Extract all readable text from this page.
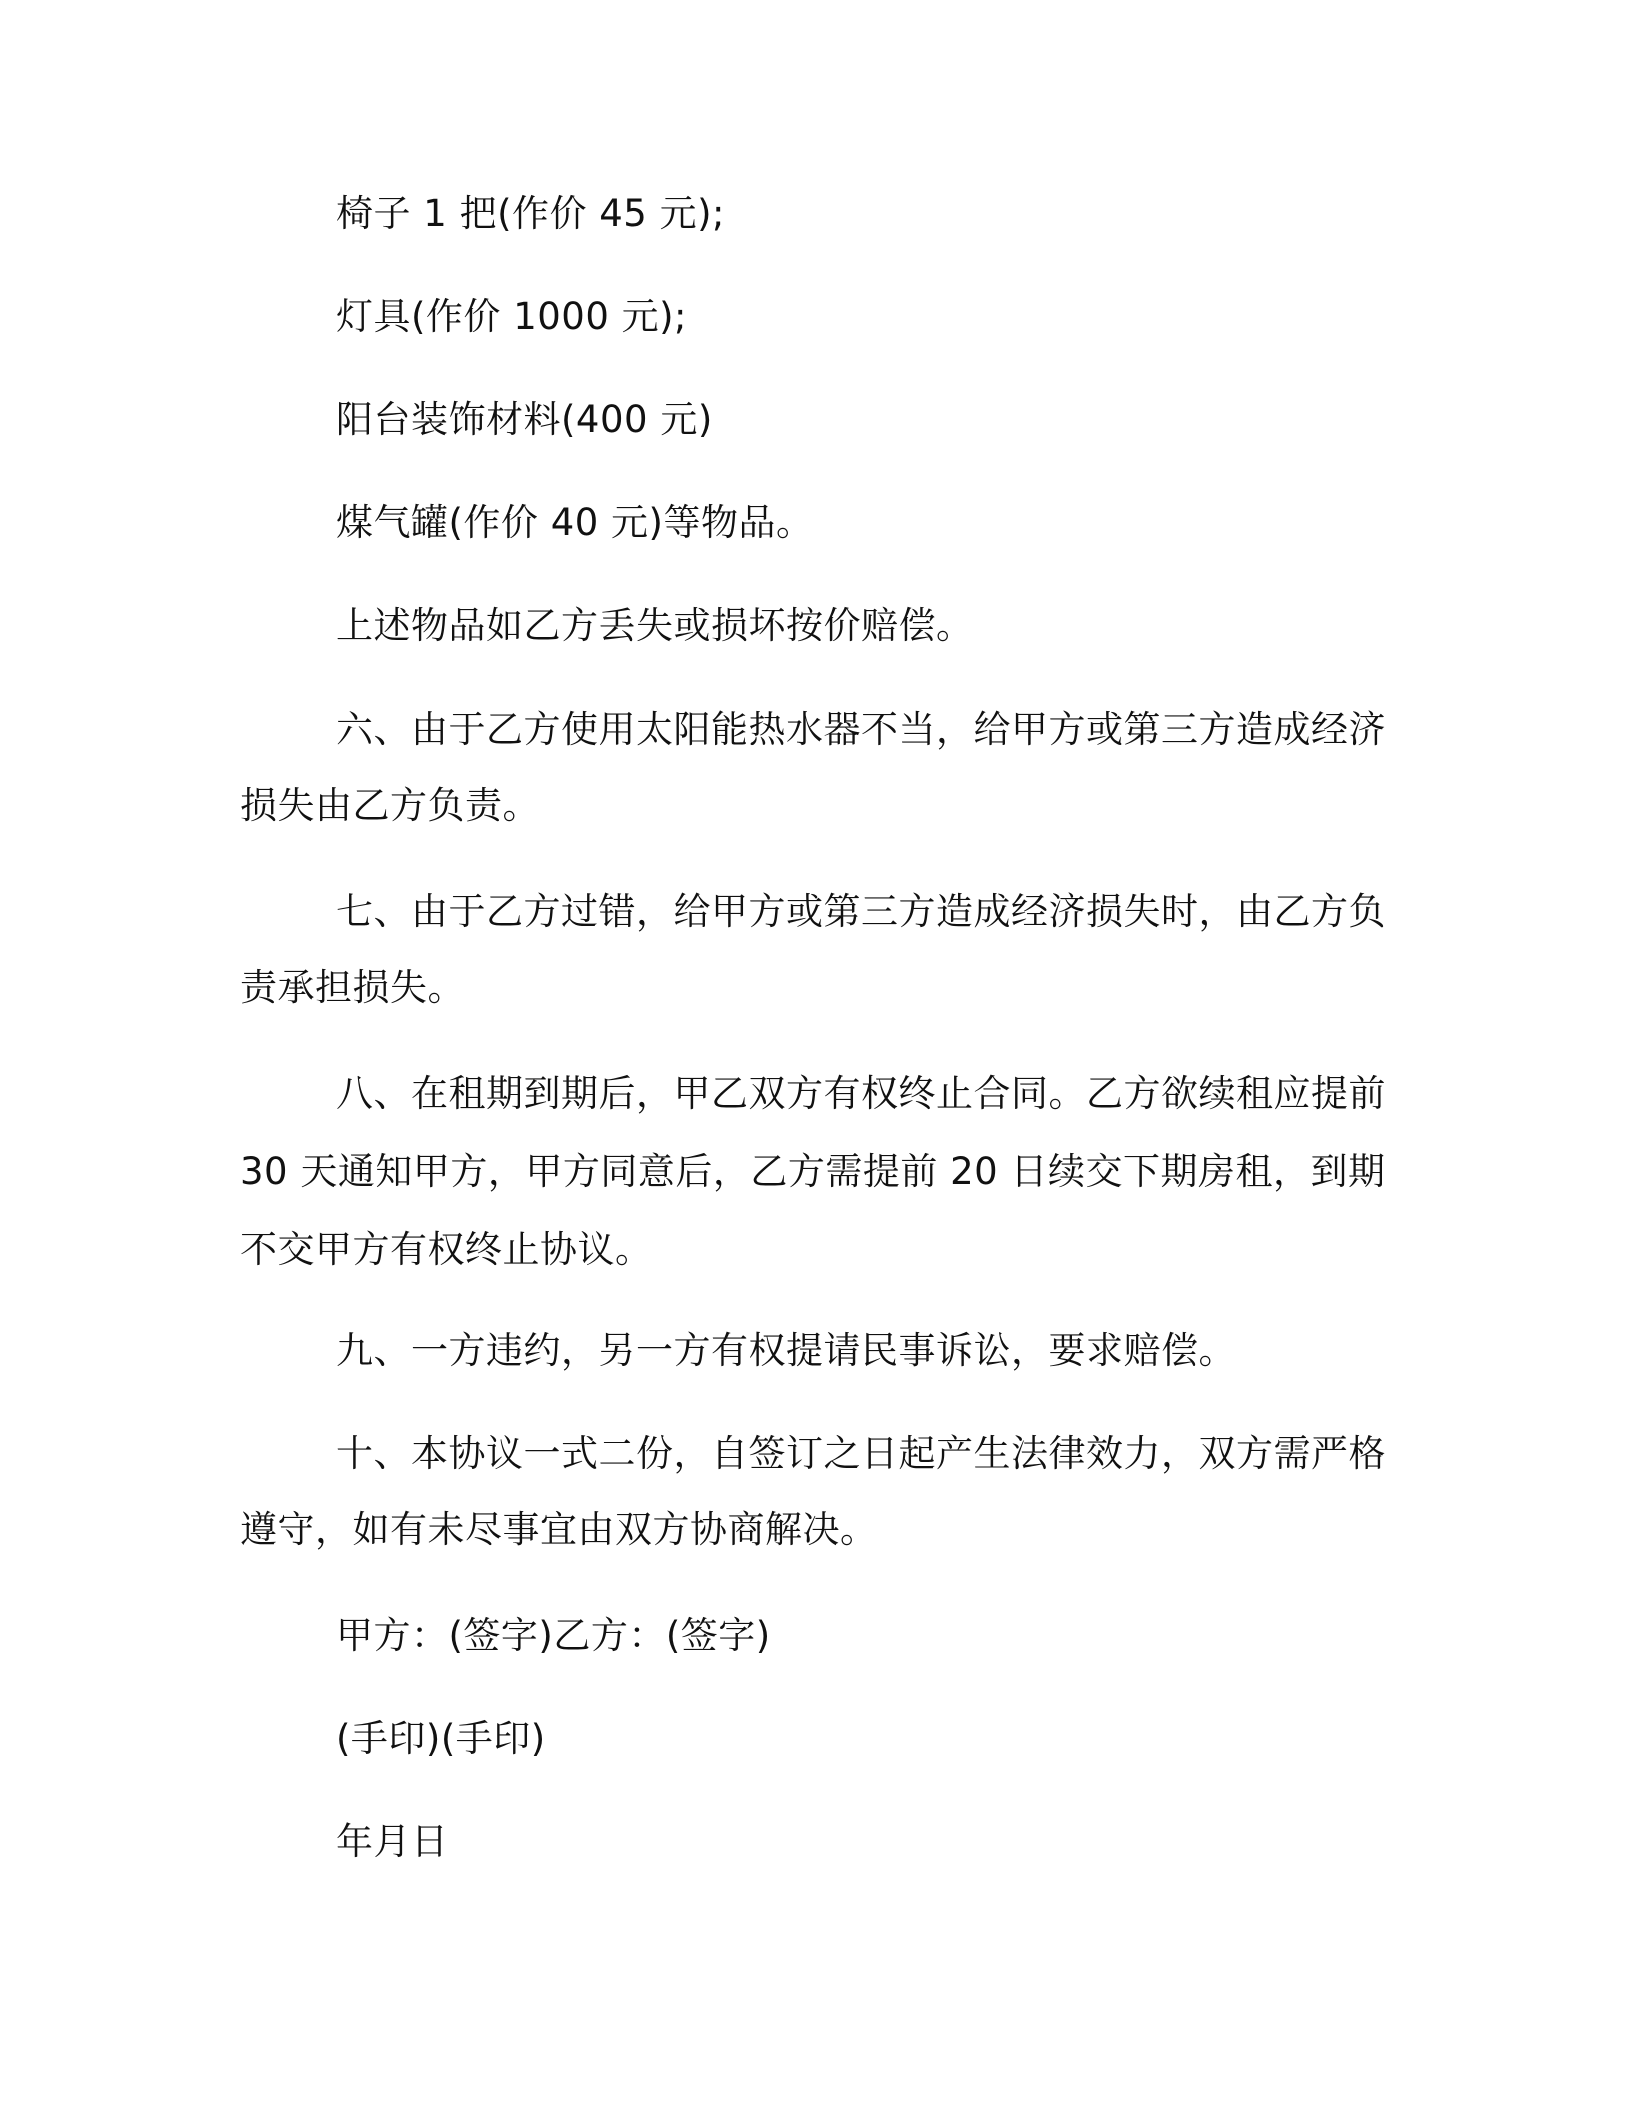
椅子 1 把(作价 45 元);

灯具(作价 1000 元);

阳台装饰材料(400 元)

煤气罐(作价 40 元)等物品。

上述物品如乙方丢失或损坏按价赔偿。

六、由于乙方使用太阳能热水器不当，给甲方或第三方造成经济
损失由乙方负责。

七、由于乙方过错，给甲方或第三方造成经济损失时，由乙方负
责承担损失。

八、在租期到期后，甲乙双方有权终止合同。乙方欲续租应提前
30 天通知甲方，甲方同意后，乙方需提前 20 日续交下期房租，到期
不交甲方有权终止协议。

九、一方违约，另一方有权提请民事诉讼，要求赔偿。

十、本协议一式二份，自签订之日起产生法律效力，双方需严格
遵守，如有未尽事宜由双方协商解决。

甲方：(签字)乙方：(签字)

(手印)(手印)

年月日
